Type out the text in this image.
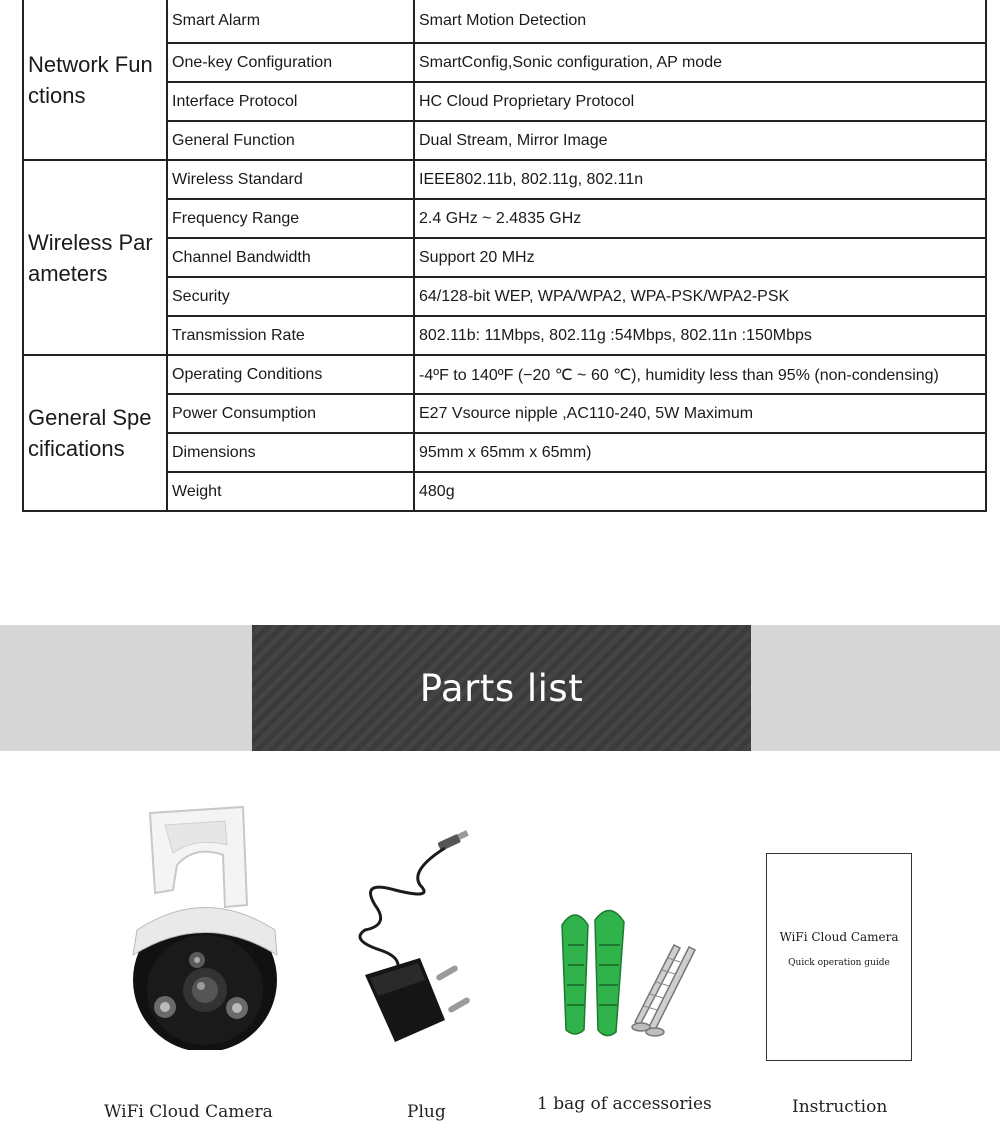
Network Functions	Smart Alarm	Smart Motion Detection
	One-key Configuration	SmartConfig,Sonic configuration, AP mode
	Interface Protocol	HC Cloud Proprietary Protocol
	General Function	Dual Stream, Mirror Image
Wireless Parameters	Wireless Standard	IEEE802.11b, 802.11g, 802.11n
	Frequency Range	2.4 GHz ~ 2.4835 GHz
	Channel Bandwidth	Support 20 MHz
	Security	64/128-bit WEP, WPA/WPA2, WPA-PSK/WPA2-PSK
	Transmission Rate	802.11b: 11Mbps, 802.11g :54Mbps, 802.11n :150Mbps
General Specifications	Operating Conditions	-4ºF to 140ºF (−20 ℃ ~ 60 ℃), humidity less than 95% (non-condensing)
	Power Consumption	E27 Vsource nipple ,AC110-240, 5W Maximum
	Dimensions	95mm x 65mm x 65mm)
	Weight	480g
Parts list
WiFi Cloud Camera	Plug	1 bag of accessories
WiFi Cloud Camera
Quick operation guide
Instruction
